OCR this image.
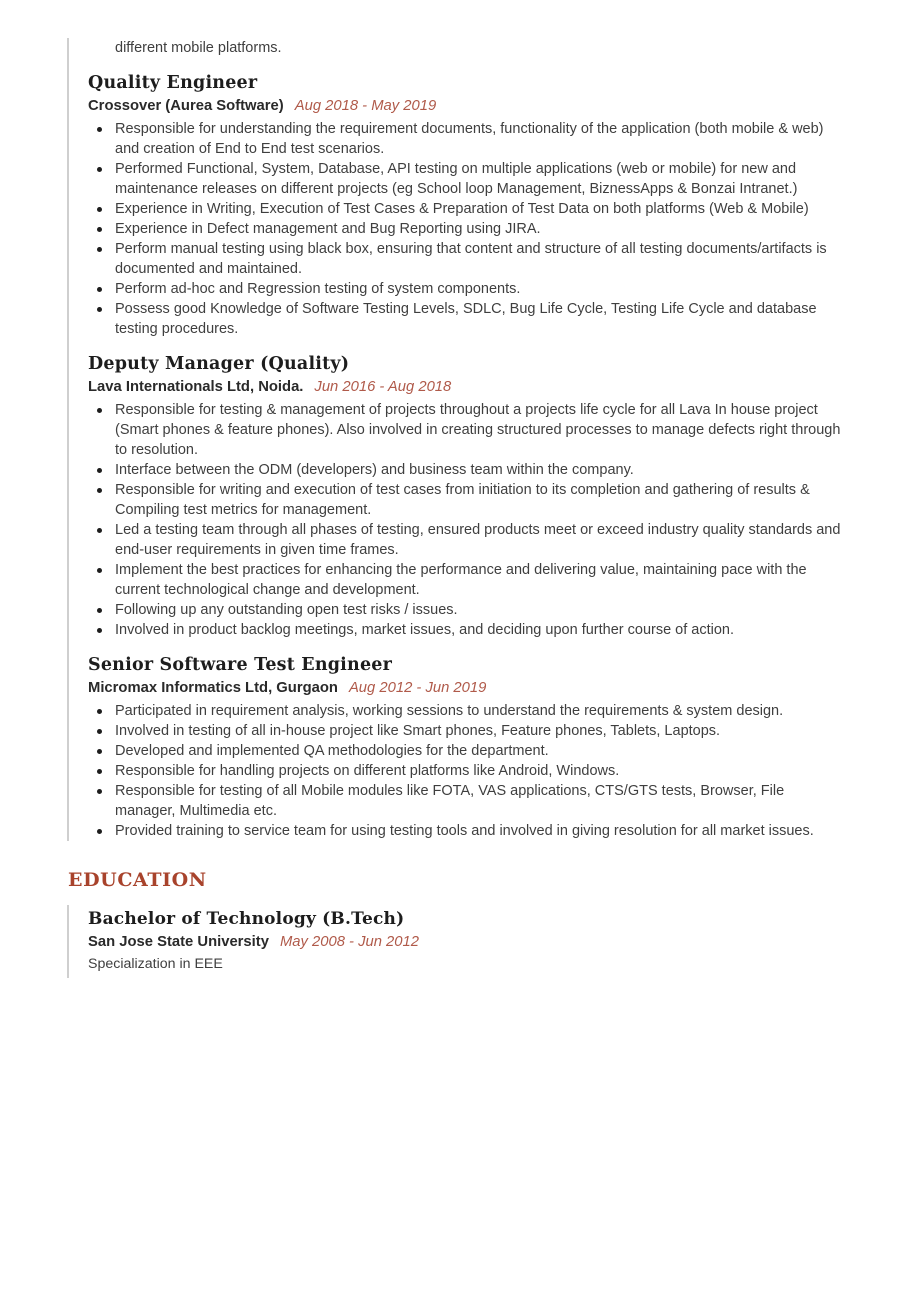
different mobile platforms.

Quality Engineer

Crossover (Aurea Software) Aug 2018 - May 2019

Responsible for understanding the requirement documents, functionality of the application (both mobile & web) and creation of End to End test scenarios.
Performed Functional, System, Database, API testing on multiple applications (web or mobile) for new and maintenance releases on different projects (eg School loop Management, BiznessApps & Bonzai Intranet.)
Experience in Writing, Execution of Test Cases & Preparation of Test Data on both platforms (Web & Mobile)
Experience in Defect management and Bug Reporting using JIRA.
Perform manual testing using black box, ensuring that content and structure of all testing documents/artifacts is documented and maintained.
Perform ad-hoc and Regression testing of system components.
Possess good Knowledge of Software Testing Levels, SDLC, Bug Life Cycle, Testing Life Cycle and database testing procedures.
Deputy Manager (Quality)

Lava Internationals Ltd, Noida. Jun 2016 - Aug 2018

Responsible for testing & management of projects throughout a projects life cycle for all Lava In house project (Smart phones & feature phones). Also involved in creating structured processes to manage defects right through to resolution.
Interface between the ODM (developers) and business team within the company.
Responsible for writing and execution of test cases from initiation to its completion and gathering of results & Compiling test metrics for management.
Led a testing team through all phases of testing, ensured products meet or exceed industry quality standards and end-user requirements in given time frames.
Implement the best practices for enhancing the performance and delivering value, maintaining pace with the current technological change and development.
Following up any outstanding open test risks / issues.
Involved in product backlog meetings, market issues, and deciding upon further course of action.
Senior Software Test Engineer

Micromax Informatics Ltd, Gurgaon Aug 2012 - Jun 2019

Participated in requirement analysis, working sessions to understand the requirements & system design.
Involved in testing of all in-house project like Smart phones, Feature phones, Tablets, Laptops.
Developed and implemented QA methodologies for the department.
Responsible for handling projects on different platforms like Android, Windows.
Responsible for testing of all Mobile modules like FOTA, VAS applications, CTS/GTS tests, Browser, File manager, Multimedia etc.
Provided training to service team for using testing tools and involved in giving resolution for all market issues.
EDUCATION
Bachelor of Technology (B.Tech)

San Jose State University May 2008 - Jun 2012

Specialization in EEE
